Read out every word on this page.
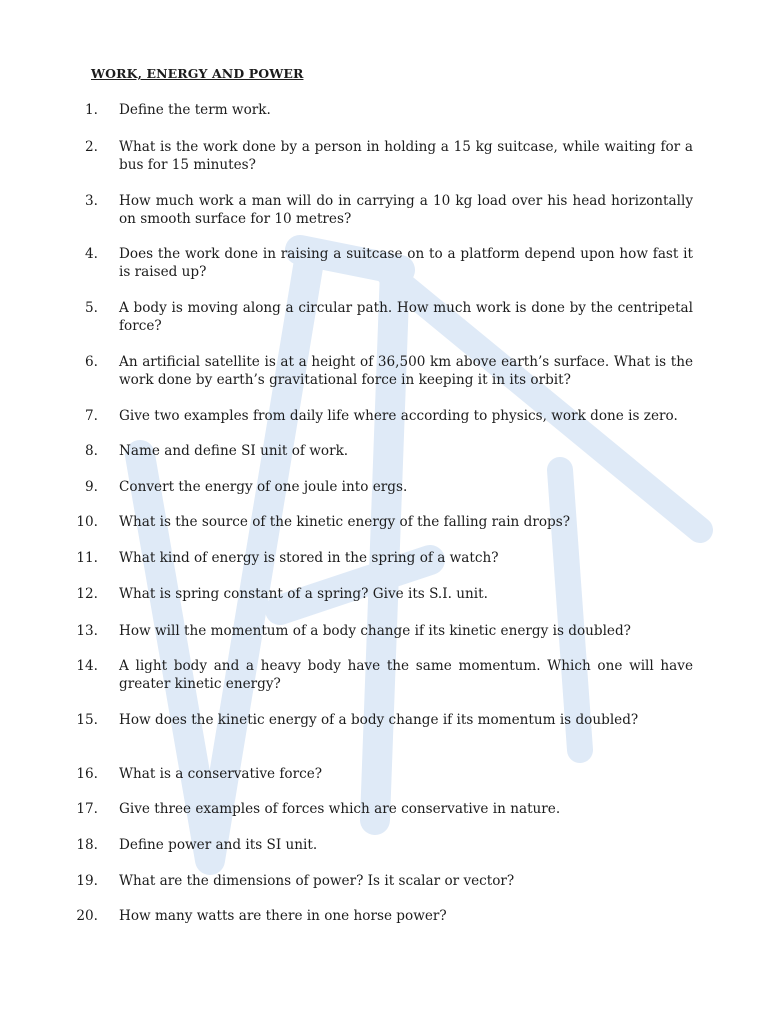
WORK, ENERGY AND POWER
1. Define the term work.
2. What is the work done by a person in holding a 15 kg suitcase, while waiting for a bus for 15 minutes?
3. How much work a man will do in carrying a 10 kg load over his head horizontally on smooth surface for 10 metres?
4. Does the work done in raising a suitcase on to a platform depend upon how fast it is raised up?
5. A body is moving along a circular path. How much work is done by the centripetal force?
6. An artificial satellite is at a height of 36,500 km above earth’s surface. What is the work done by earth’s gravitational force in keeping it in its orbit?
7. Give two examples from daily life where according to physics, work done is zero.
8. Name and define SI unit of work.
9. Convert the energy of one joule into ergs.
10. What is the source of the kinetic energy of the falling rain drops?
11. What kind of energy is stored in the spring of a watch?
12. What is spring constant of a spring? Give its S.I. unit.
13. How will the momentum of a body change if its kinetic energy is doubled?
14. A light body and a heavy body have the same momentum. Which one will have greater kinetic energy?
15. How does the kinetic energy of a body change if its momentum is doubled?
16. What is a conservative force?
17. Give three examples of forces which are conservative in nature.
18. Define power and its SI unit.
19. What are the dimensions of power? Is it scalar or vector?
20. How many watts are there in one horse power?
